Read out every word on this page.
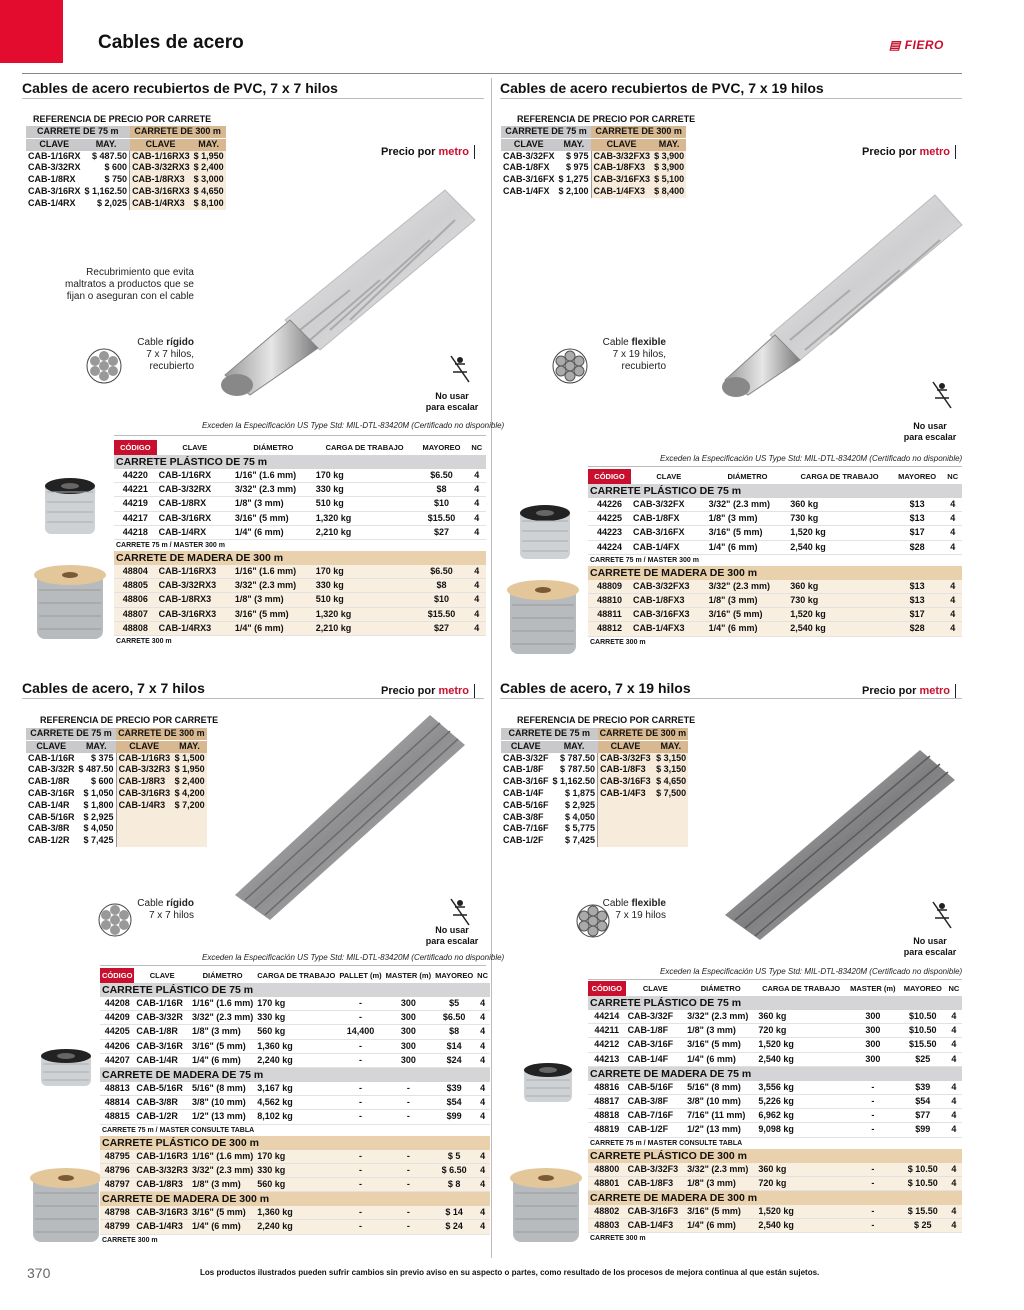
Cables de acero	▤ FIERO
Cables de acero recubiertos de PVC, 7 x 7 hilos
REFERENCIA DE PRECIO POR CARRETE
CARRETE DE 75 m		CARRETE DE 300 m	
CLAVE	MAY.	CLAVE	MAY.
CAB-1/16RX	$ 487.50	CAB-1/16RX3	$ 1,950
CAB-3/32RX	$ 600	CAB-3/32RX3	$ 2,400
CAB-1/8RX	$ 750	CAB-1/8RX3	$ 3,000
CAB-3/16RX	$ 1,162.50	CAB-3/16RX3	$ 4,650
CAB-1/4RX	$ 2,025	CAB-1/4RX3	$ 8,100
Precio por metro
Recubrimiento que evita maltratos a productos que se fijan o aseguran con el cable
Cable rígido
7 x 7 hilos,
recubierto
No usar
para escalar
Exceden la Especificación US Type Std: MIL-DTL-83420M (Certificado no disponible)
CÓDIGO	CLAVE	DIÁMETRO	CARGA DE TRABAJO	MAYOREO	NC
CARRETE PLÁSTICO DE 75 m					
44220	CAB-1/16RX	1/16" (1.6 mm)	170 kg	$6.50	4
44221	CAB-3/32RX	3/32" (2.3 mm)	330 kg	$8	4
44219	CAB-1/8RX	1/8" (3 mm)	510 kg	$10	4
44217	CAB-3/16RX	3/16" (5 mm)	1,320 kg	$15.50	4
44218	CAB-1/4RX	1/4" (6 mm)	2,210 kg	$27	4
CARRETE 75 m / MASTER 300 m					
CARRETE DE MADERA DE 300 m					
48804	CAB-1/16RX3	1/16" (1.6 mm)	170 kg	$6.50	4
48805	CAB-3/32RX3	3/32" (2.3 mm)	330 kg	$8	4
48806	CAB-1/8RX3	1/8" (3 mm)	510 kg	$10	4
48807	CAB-3/16RX3	3/16" (5 mm)	1,320 kg	$15.50	4
48808	CAB-1/4RX3	1/4" (6 mm)	2,210 kg	$27	4
CARRETE 300 m					
Cables de acero recubiertos de PVC, 7 x 19 hilos
REFERENCIA DE PRECIO POR CARRETE
CARRETE DE 75 m		CARRETE DE 300 m	
CLAVE	MAY.	CLAVE	MAY.
CAB-3/32FX	$ 975	CAB-3/32FX3	$ 3,900
CAB-1/8FX	$ 975	CAB-1/8FX3	$ 3,900
CAB-3/16FX	$ 1,275	CAB-3/16FX3	$ 5,100
CAB-1/4FX	$ 2,100	CAB-1/4FX3	$ 8,400
Precio por metro
Cable flexible
7 x 19 hilos,
recubierto
No usar
para escalar
Exceden la Especificación US Type Std: MIL-DTL-83420M (Certificado no disponible)
CÓDIGO	CLAVE	DIÁMETRO	CARGA DE TRABAJO	MAYOREO	NC
CARRETE PLÁSTICO DE 75 m					
44226	CAB-3/32FX	3/32" (2.3 mm)	360 kg	$13	4
44225	CAB-1/8FX	1/8" (3 mm)	730 kg	$13	4
44223	CAB-3/16FX	3/16" (5 mm)	1,520 kg	$17	4
44224	CAB-1/4FX	1/4" (6 mm)	2,540 kg	$28	4
CARRETE 75 m / MASTER 300 m					
CARRETE DE MADERA DE 300 m					
48809	CAB-3/32FX3	3/32" (2.3 mm)	360 kg	$13	4
48810	CAB-1/8FX3	1/8" (3 mm)	730 kg	$13	4
48811	CAB-3/16FX3	3/16" (5 mm)	1,520 kg	$17	4
48812	CAB-1/4FX3	1/4" (6 mm)	2,540 kg	$28	4
CARRETE 300 m					
Cables de acero, 7 x 7 hilos	Precio por metro
REFERENCIA DE PRECIO POR CARRETE
CARRETE DE 75 m		CARRETE DE 300 m	
CLAVE	MAY.	CLAVE	MAY.
CAB-1/16R	$ 375	CAB-1/16R3	$ 1,500
CAB-3/32R	$ 487.50	CAB-3/32R3	$ 1,950
CAB-1/8R	$ 600	CAB-1/8R3	$ 2,400
CAB-3/16R	$ 1,050	CAB-3/16R3	$ 4,200
CAB-1/4R	$ 1,800	CAB-1/4R3	$ 7,200
CAB-5/16R	$ 2,925		
CAB-3/8R	$ 4,050		
CAB-1/2R	$ 7,425		
Cable rígido
7 x 7 hilos
No usar
para escalar
Exceden la Especificación US Type Std: MIL-DTL-83420M (Certificado no disponible)
CÓDIGO	CLAVE	DIÁMETRO	CARGA DE TRABAJO	PALLET (m)	MASTER (m)	MAYOREO	NC
CARRETE PLÁSTICO DE 75 m							
44208	CAB-1/16R	1/16" (1.6 mm)	170 kg	-	300	$5	4
44209	CAB-3/32R	3/32" (2.3 mm)	330 kg	-	300	$6.50	4
44205	CAB-1/8R	1/8" (3 mm)	560 kg	14,400	300	$8	4
44206	CAB-3/16R	3/16" (5 mm)	1,360 kg	-	300	$14	4
44207	CAB-1/4R	1/4" (6 mm)	2,240 kg	-	300	$24	4
CARRETE DE MADERA DE 75 m							
48813	CAB-5/16R	5/16" (8 mm)	3,167 kg	-	-	$39	4
48814	CAB-3/8R	3/8" (10 mm)	4,562 kg	-	-	$54	4
48815	CAB-1/2R	1/2" (13 mm)	8,102 kg	-	-	$99	4
CARRETE 75 m / MASTER CONSULTE TABLA							
CARRETE PLÁSTICO DE 300 m							
48795	CAB-1/16R3	1/16" (1.6 mm)	170 kg	-	-	$ 5	4
48796	CAB-3/32R3	3/32" (2.3 mm)	330 kg	-	-	$ 6.50	4
48797	CAB-1/8R3	1/8" (3 mm)	560 kg	-	-	$ 8	4
CARRETE DE MADERA DE 300 m							
48798	CAB-3/16R3	3/16" (5 mm)	1,360 kg	-	-	$ 14	4
48799	CAB-1/4R3	1/4" (6 mm)	2,240 kg	-	-	$ 24	4
CARRETE 300 m							
Cables de acero, 7 x 19 hilos	Precio por metro
REFERENCIA DE PRECIO POR CARRETE
CARRETE DE 75 m		CARRETE DE 300 m	
CLAVE	MAY.	CLAVE	MAY.
CAB-3/32F	$ 787.50	CAB-3/32F3	$ 3,150
CAB-1/8F	$ 787.50	CAB-1/8F3	$ 3,150
CAB-3/16F	$ 1,162.50	CAB-3/16F3	$ 4,650
CAB-1/4F	$ 1,875	CAB-1/4F3	$ 7,500
CAB-5/16F	$ 2,925		
CAB-3/8F	$ 4,050		
CAB-7/16F	$ 5,775		
CAB-1/2F	$ 7,425		
Cable flexible
7 x 19 hilos
No usar
para escalar
Exceden la Especificación US Type Std: MIL-DTL-83420M (Certificado no disponible)
CÓDIGO	CLAVE	DIÁMETRO	CARGA DE TRABAJO	MASTER (m)	MAYOREO	NC
CARRETE PLÁSTICO DE 75 m						
44214	CAB-3/32F	3/32" (2.3 mm)	360 kg	300	$10.50	4
44211	CAB-1/8F	1/8" (3 mm)	720 kg	300	$10.50	4
44212	CAB-3/16F	3/16" (5 mm)	1,520 kg	300	$15.50	4
44213	CAB-1/4F	1/4" (6 mm)	2,540 kg	300	$25	4
CARRETE DE MADERA DE 75 m						
48816	CAB-5/16F	5/16" (8 mm)	3,556 kg	-	$39	4
48817	CAB-3/8F	3/8" (10 mm)	5,226 kg	-	$54	4
48818	CAB-7/16F	7/16" (11 mm)	6,962 kg	-	$77	4
48819	CAB-1/2F	1/2" (13 mm)	9,098 kg	-	$99	4
CARRETE 75 m / MASTER CONSULTE TABLA						
CARRETE PLÁSTICO DE 300 m						
48800	CAB-3/32F3	3/32" (2.3 mm)	360 kg	-	$ 10.50	4
48801	CAB-1/8F3	1/8" (3 mm)	720 kg	-	$ 10.50	4
CARRETE DE MADERA DE 300 m						
48802	CAB-3/16F3	3/16" (5 mm)	1,520 kg	-	$ 15.50	4
48803	CAB-1/4F3	1/4" (6 mm)	2,540 kg	-	$ 25	4
CARRETE 300 m						
370	Los productos ilustrados pueden sufrir cambios sin previo aviso en su aspecto o partes, como resultado de los procesos de mejora continua al que están sujetos.
